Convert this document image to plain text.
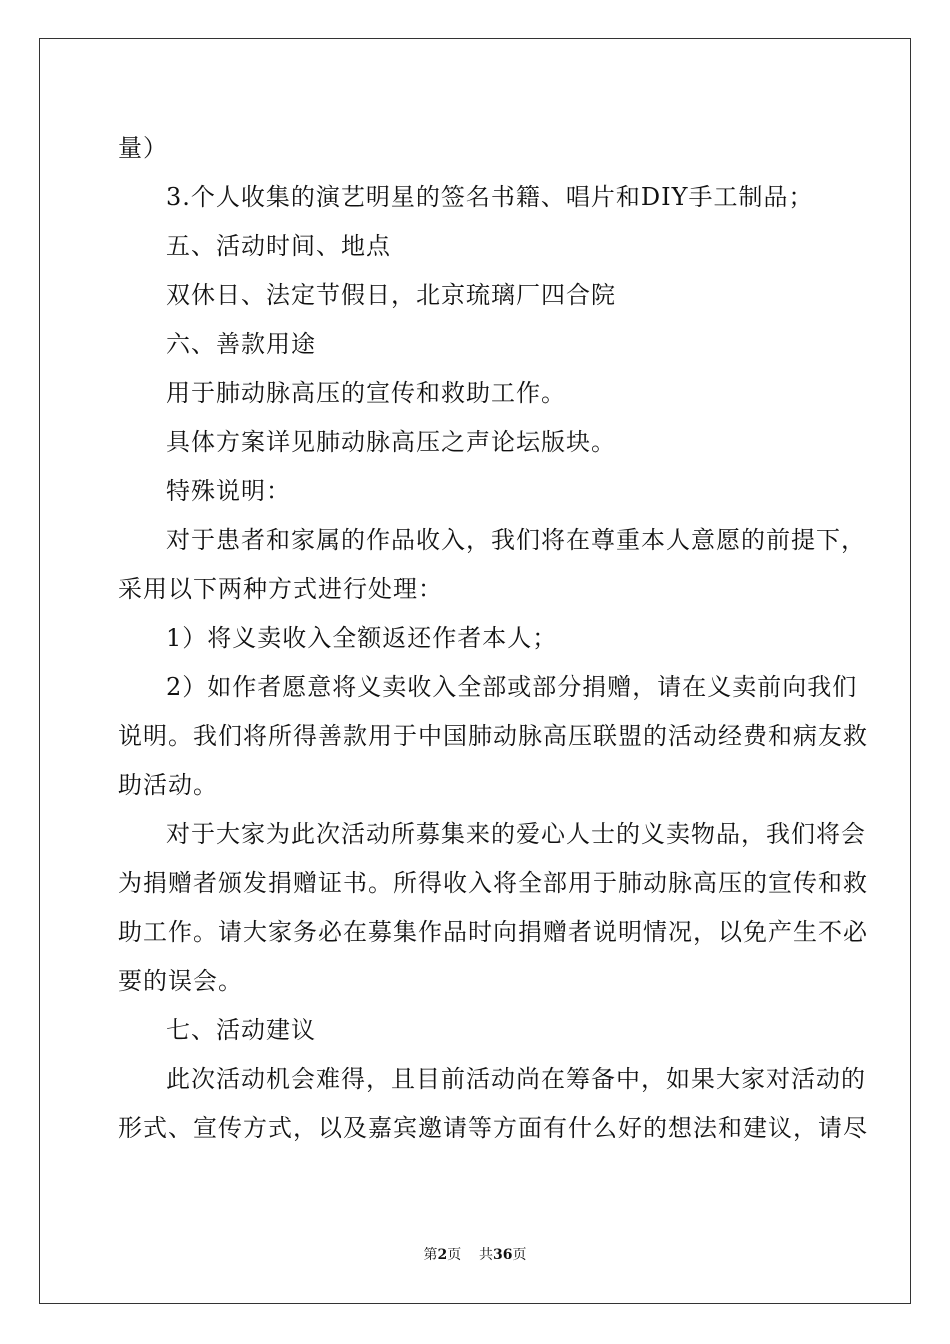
量）
3.个人收集的演艺明星的签名书籍、唱片和DIY手工制品；
五、活动时间、地点
双休日、法定节假日，北京琉璃厂四合院
六、善款用途
用于肺动脉高压的宣传和救助工作。
具体方案详见肺动脉高压之声论坛版块。
特殊说明：
对于患者和家属的作品收入，我们将在尊重本人意愿的前提下，
采用以下两种方式进行处理：
1）将义卖收入全额返还作者本人；
2）如作者愿意将义卖收入全部或部分捐赠，请在义卖前向我们
说明。我们将所得善款用于中国肺动脉高压联盟的活动经费和病友救
助活动。
对于大家为此次活动所募集来的爱心人士的义卖物品，我们将会
为捐赠者颁发捐赠证书。所得收入将全部用于肺动脉高压的宣传和救
助工作。请大家务必在募集作品时向捐赠者说明情况，以免产生不必
要的误会。
七、活动建议
此次活动机会难得，且目前活动尚在筹备中，如果大家对活动的
形式、宣传方式，以及嘉宾邀请等方面有什么好的想法和建议，请尽
第2页 共36页
